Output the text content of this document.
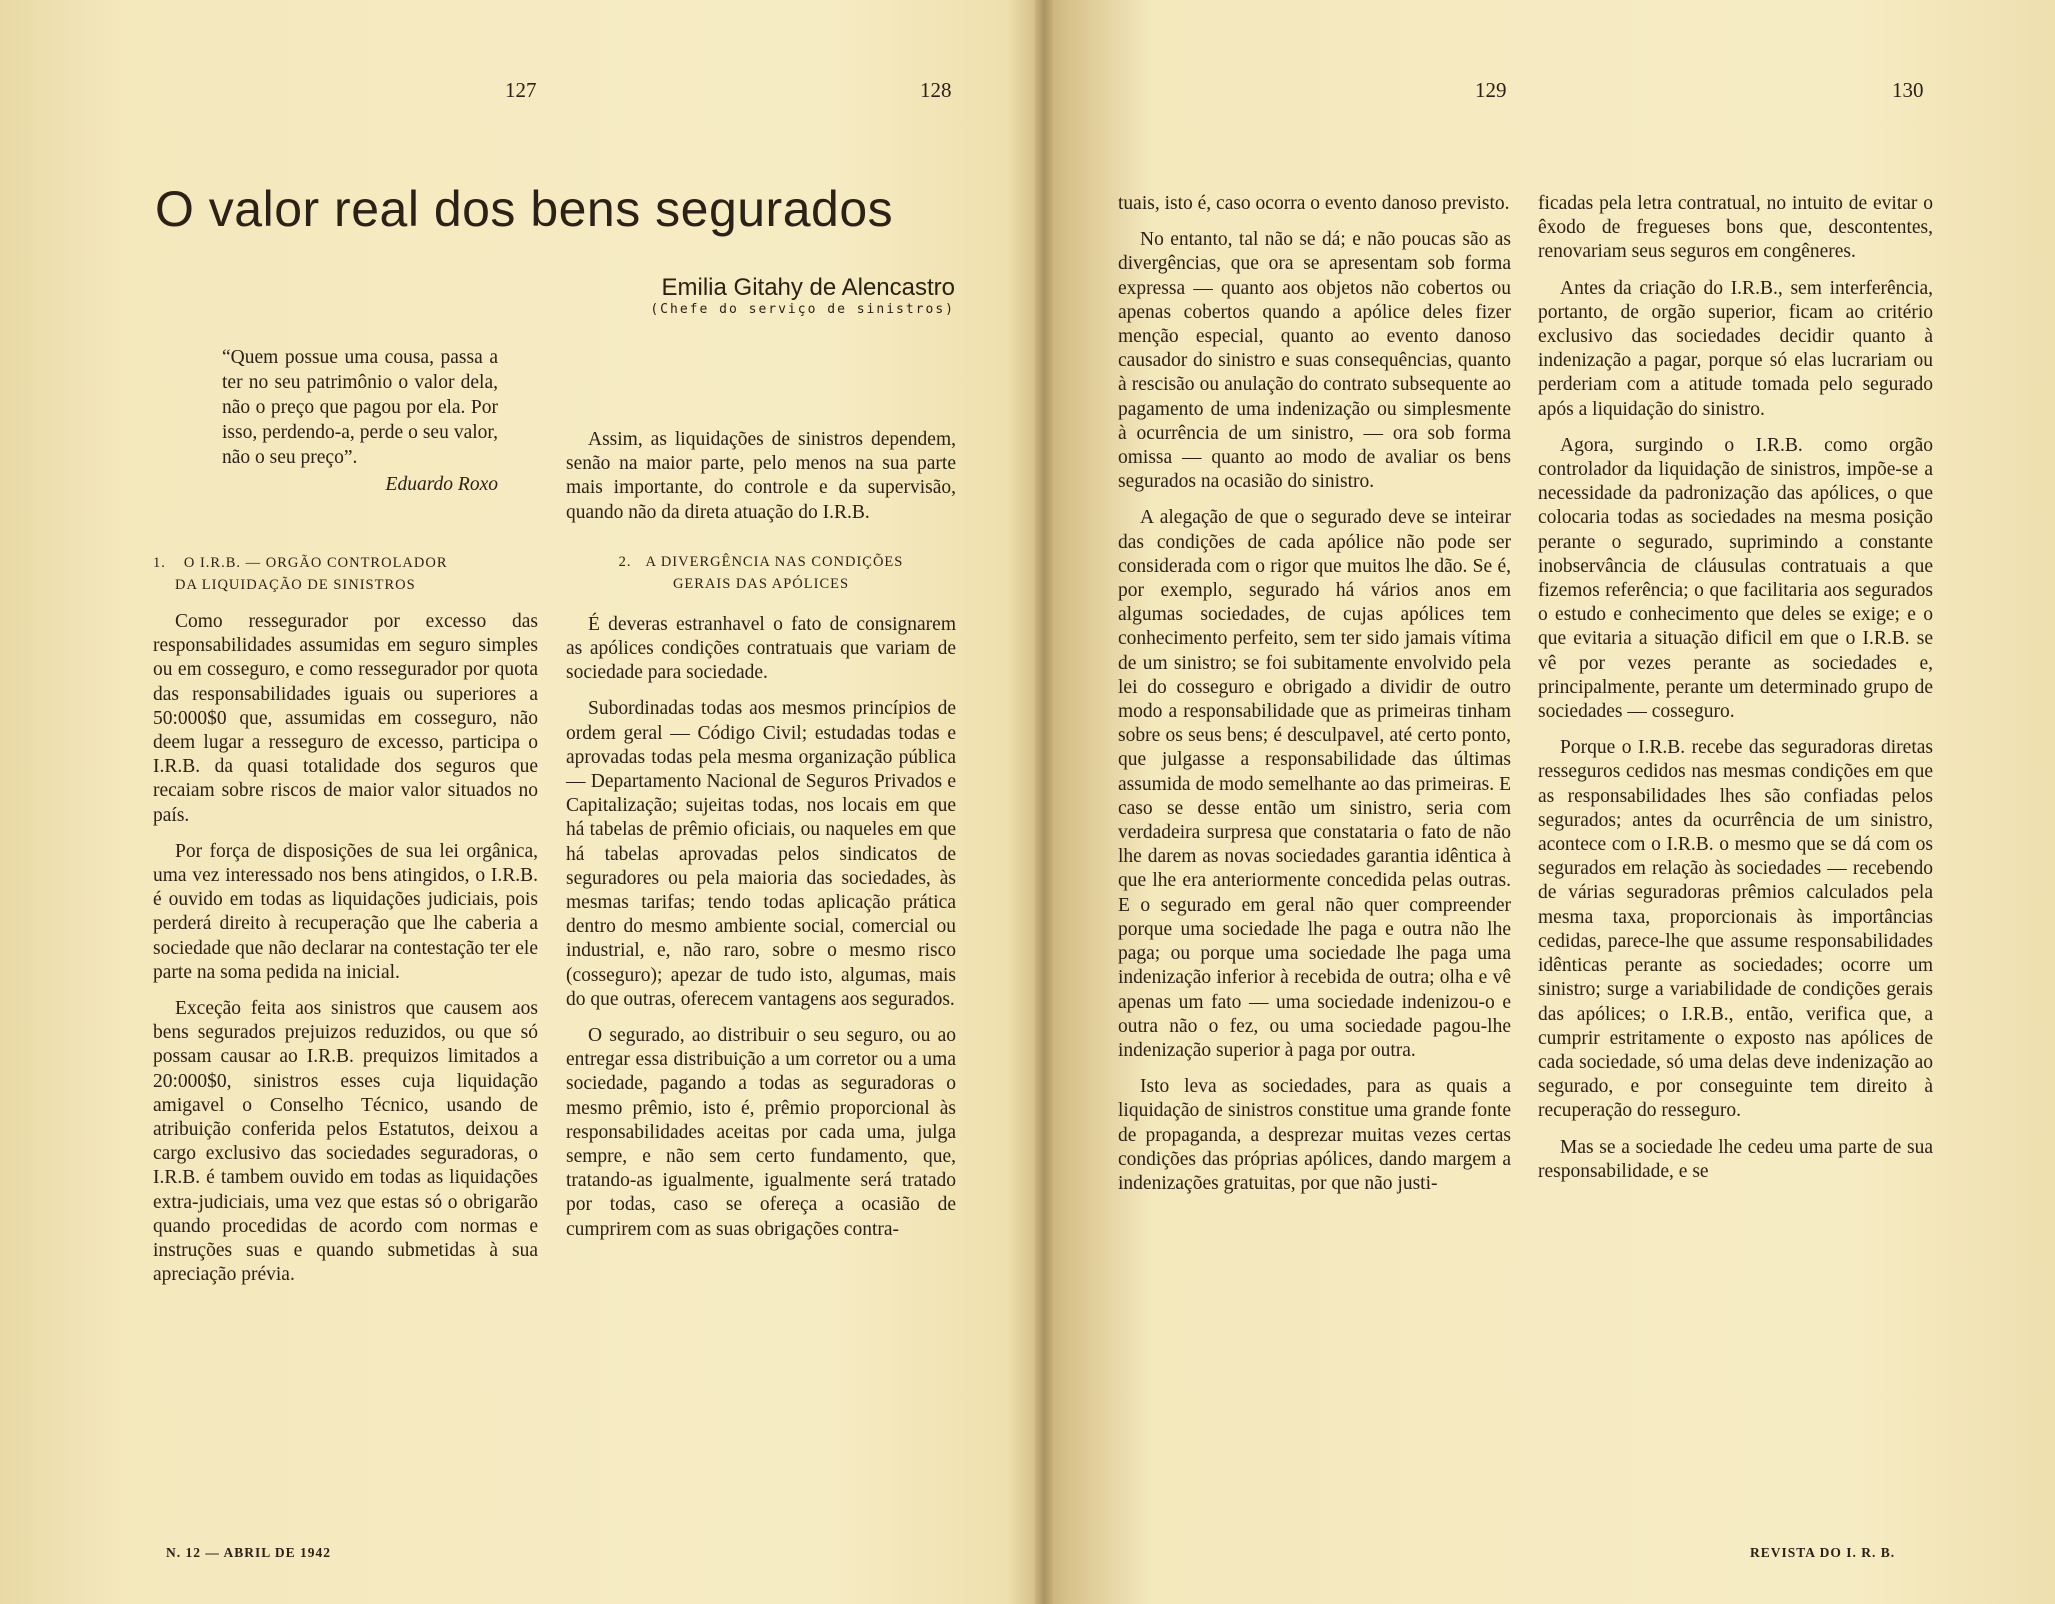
127	128	129	130
O valor real dos bens segurados
Emilia Gitahy de Alencastro
(Chefe do serviço de sinistros)
“Quem possue uma cousa, passa a ter no seu patrimônio o valor dela, não o preço que pagou por ela. Por isso, perdendo-a, perde o seu valor, não o seu preço”.
Eduardo Roxo
1. O I.R.B. — ORGÃO CONTROLADOR
DA LIQUIDAÇÃO DE SINISTROS

Como ressegurador por excesso das responsabilidades assumidas em seguro simples ou em cosseguro, e como ressegurador por quota das responsabilidades iguais ou superiores a 50:000$0 que, assumidas em cosseguro, não deem lugar a resseguro de excesso, participa o I.R.B. da quasi totalidade dos seguros que recaiam sobre riscos de maior valor situados no país.

Por força de disposições de sua lei orgânica, uma vez interessado nos bens atingidos, o I.R.B. é ouvido em todas as liquidações judiciais, pois perderá direito à recuperação que lhe caberia a sociedade que não declarar na contestação ter ele parte na soma pedida na inicial.

Exceção feita aos sinistros que causem aos bens segurados prejuizos reduzidos, ou que só possam causar ao I.R.B. prequizos limitados a 20:000$0, sinistros esses cuja liquidação amigavel o Conselho Técnico, usando de atribuição conferida pelos Estatutos, deixou a cargo exclusivo das sociedades seguradoras, o I.R.B. é tambem ouvido em todas as liquidações extra-judiciais, uma vez que estas só o obrigarão quando procedidas de acordo com normas e instruções suas e quando submetidas à sua apreciação prévia.

Assim, as liquidações de sinistros dependem, senão na maior parte, pelo menos na sua parte mais importante, do controle e da supervisão, quando não da direta atuação do I.R.B.

2. A DIVERGÊNCIA NAS CONDIÇÕES
GERAIS DAS APÓLICES

É deveras estranhavel o fato de consignarem as apólices condições contratuais que variam de sociedade para sociedade.

Subordinadas todas aos mesmos princípios de ordem geral — Código Civil; estudadas todas e aprovadas todas pela mesma organização pública — Departamento Nacional de Seguros Privados e Capitalização; sujeitas todas, nos locais em que há tabelas de prêmio oficiais, ou naqueles em que há tabelas aprovadas pelos sindicatos de seguradores ou pela maioria das sociedades, às mesmas tarifas; tendo todas aplicação prática dentro do mesmo ambiente social, comercial ou industrial, e, não raro, sobre o mesmo risco (cosseguro); apezar de tudo isto, algumas, mais do que outras, oferecem vantagens aos segurados.

O segurado, ao distribuir o seu seguro, ou ao entregar essa distribuição a um corretor ou a uma sociedade, pagando a todas as seguradoras o mesmo prêmio, isto é, prêmio proporcional às responsabilidades aceitas por cada uma, julga sempre, e não sem certo fundamento, que, tratando-as igualmente, igualmente será tratado por todas, caso se ofereça a ocasião de cumprirem com as suas obrigações contra-

tuais, isto é, caso ocorra o evento danoso previsto.

No entanto, tal não se dá; e não poucas são as divergências, que ora se apresentam sob forma expressa — quanto aos objetos não cobertos ou apenas cobertos quando a apólice deles fizer menção especial, quanto ao evento danoso causador do sinistro e suas consequências, quanto à rescisão ou anulação do contrato subsequente ao pagamento de uma indenização ou simplesmente à ocurrência de um sinistro, — ora sob forma omissa — quanto ao modo de avaliar os bens segurados na ocasião do sinistro.

A alegação de que o segurado deve se inteirar das condições de cada apólice não pode ser considerada com o rigor que muitos lhe dão. Se é, por exemplo, segurado há vários anos em algumas sociedades, de cujas apólices tem conhecimento perfeito, sem ter sido jamais vítima de um sinistro; se foi subitamente envolvido pela lei do cosseguro e obrigado a dividir de outro modo a responsabilidade que as primeiras tinham sobre os seus bens; é desculpavel, até certo ponto, que julgasse a responsabilidade das últimas assumida de modo semelhante ao das primeiras. E caso se desse então um sinistro, seria com verdadeira surpresa que constataria o fato de não lhe darem as novas sociedades garantia idêntica à que lhe era anteriormente concedida pelas outras. E o segurado em geral não quer compreender porque uma sociedade lhe paga e outra não lhe paga; ou porque uma sociedade lhe paga uma indenização inferior à recebida de outra; olha e vê apenas um fato — uma sociedade indenizou-o e outra não o fez, ou uma sociedade pagou-lhe indenização superior à paga por outra.

Isto leva as sociedades, para as quais a liquidação de sinistros constitue uma grande fonte de propaganda, a desprezar muitas vezes certas condições das próprias apólices, dando margem a indenizações gratuitas, por que não justi-

ficadas pela letra contratual, no intuito de evitar o êxodo de fregueses bons que, descontentes, renovariam seus seguros em congêneres.

Antes da criação do I.R.B., sem interferência, portanto, de orgão superior, ficam ao critério exclusivo das sociedades decidir quanto à indenização a pagar, porque só elas lucrariam ou perderiam com a atitude tomada pelo segurado após a liquidação do sinistro.

Agora, surgindo o I.R.B. como orgão controlador da liquidação de sinistros, impõe-se a necessidade da padronização das apólices, o que colocaria todas as sociedades na mesma posição perante o segurado, suprimindo a constante inobservância de cláusulas contratuais a que fizemos referência; o que facilitaria aos segurados o estudo e conhecimento que deles se exige; e o que evitaria a situação dificil em que o I.R.B. se vê por vezes perante as sociedades e, principalmente, perante um determinado grupo de sociedades — cosseguro.

Porque o I.R.B. recebe das seguradoras diretas resseguros cedidos nas mesmas condições em que as responsabilidades lhes são confiadas pelos segurados; antes da ocurrência de um sinistro, acontece com o I.R.B. o mesmo que se dá com os segurados em relação às sociedades — recebendo de várias seguradoras prêmios calculados pela mesma taxa, proporcionais às importâncias cedidas, parece-lhe que assume responsabilidades idênticas perante as sociedades; ocorre um sinistro; surge a variabilidade de condições gerais das apólices; o I.R.B., então, verifica que, a cumprir estritamente o exposto nas apólices de cada sociedade, só uma delas deve indenização ao segurado, e por conseguinte tem direito à recuperação do resseguro.

Mas se a sociedade lhe cedeu uma parte de sua responsabilidade, e se

N. 12 — ABRIL DE 1942	REVISTA DO I. R. B.
